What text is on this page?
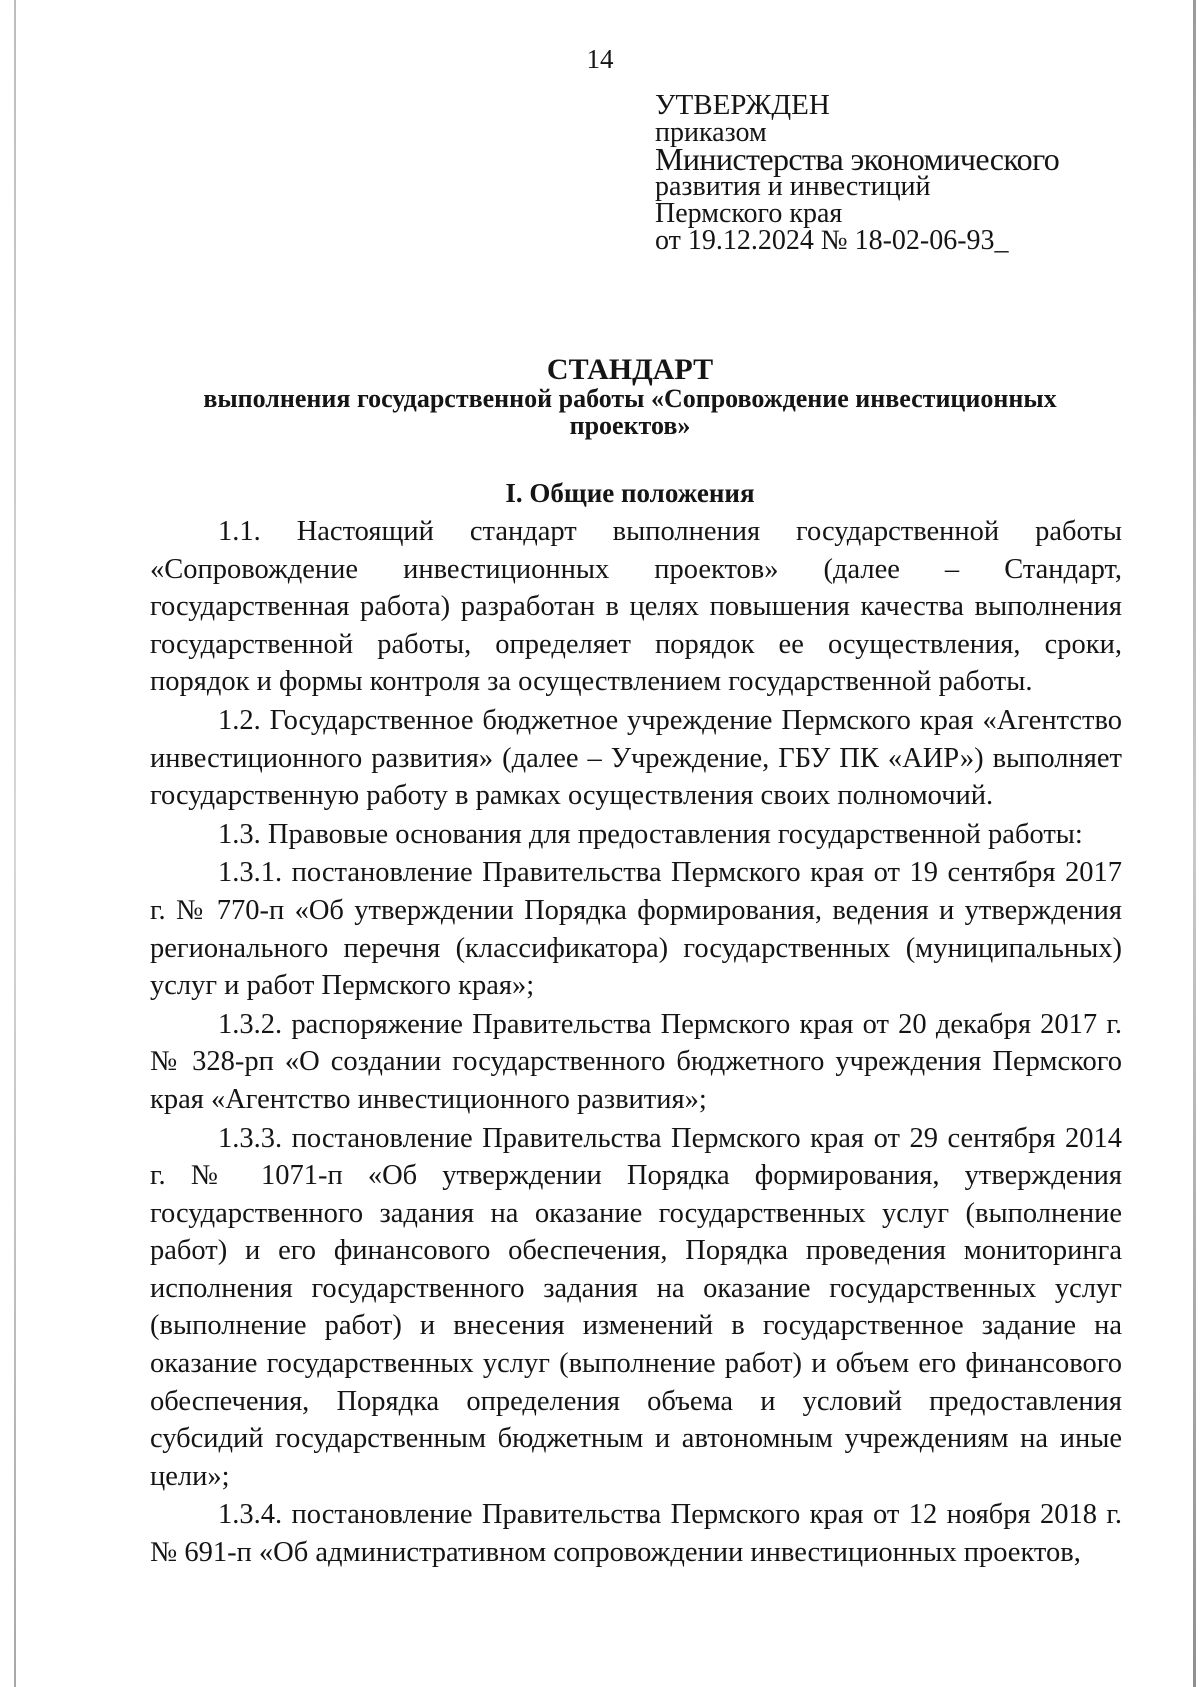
14
УТВЕРЖДЕН
приказом
Министерства экономического
развития и инвестиций
Пермского края
от 19.12.2024 № 18-02-06-93_
СТАНДАРТ
выполнения государственной работы «Сопровождение инвестиционных
проектов»
I. Общие положения

1.1. Настоящий стандарт выполнения государственной работы «Сопровождение инвестиционных проектов» (далее – Стандарт, государственная работа) разработан в целях повышения качества выполнения государственной работы, определяет порядок ее осуществления, сроки, порядок и формы контроля за осуществлением государственной работы.

1.2. Государственное бюджетное учреждение Пермского края «Агентство инвестиционного развития» (далее – Учреждение, ГБУ ПК «АИР») выполняет государственную работу в рамках осуществления своих полномочий.

1.3. Правовые основания для предоставления государственной работы:

1.3.1. постановление Правительства Пермского края от 19 сентября 2017 г. № 770-п «Об утверждении Порядка формирования, ведения и утверждения регионального перечня (классификатора) государственных (муниципальных) услуг и работ Пермского края»;

1.3.2. распоряжение Правительства Пермского края от 20 декабря 2017 г. № 328-рп «О создании государственного бюджетного учреждения Пермского края «Агентство инвестиционного развития»;

1.3.3. постановление Правительства Пермского края от 29 сентября 2014 г. № 1071-п «Об утверждении Порядка формирования, утверждения государственного задания на оказание государственных услуг (выполнение работ) и его финансового обеспечения, Порядка проведения мониторинга исполнения государственного задания на оказание государственных услуг (выполнение работ) и внесения изменений в государственное задание на оказание государственных услуг (выполнение работ) и объем его финансового обеспечения, Порядка определения объема и условий предоставления субсидий государственным бюджетным и автономным учреждениям на иные цели»;

1.3.4. постановление Правительства Пермского края от 12 ноября 2018 г. № 691-п «Об административном сопровождении инвестиционных проектов,
